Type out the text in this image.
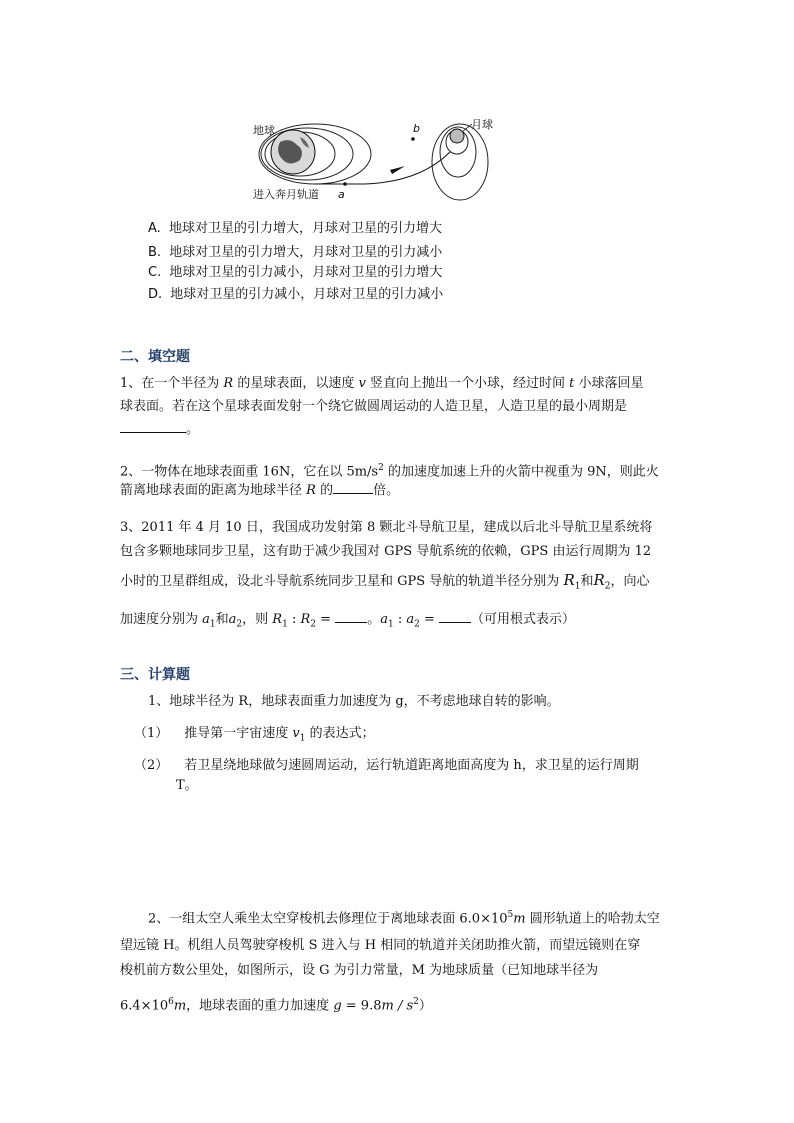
地球	月球
进入奔月轨道 a
b
A. 地球对卫星的引力增大，月球对卫星的引力增大
B. 地球对卫星的引力增大，月球对卫星的引力减小
C. 地球对卫星的引力减小，月球对卫星的引力增大
D. 地球对卫星的引力减小，月球对卫星的引力减小
二、填空题
1、在一个半径为 R 的星球表面，以速度 v 竖直向上抛出一个小球，经过时间 t 小球落回星
球表面。若在这个星球表面发射一个绕它做圆周运动的人造卫星，人造卫星的最小周期是
。
2、一物体在地球表面重 16N，它在以 $5m/s^2$ 的加速度加速上升的火箭中视重为 9N，则此火
箭离地球表面的距离为地球半径 R 的	倍。
3、2011 年 4 月 10 日，我国成功发射第 8 颗北斗导航卫星，建成以后北斗导航卫星系统将
包含多颗地球同步卫星，这有助于减少我国对 GPS 导航系统的依赖，GPS 由运行周期为 12
小时的卫星群组成，设北斗导航系统同步卫星和 GPS 导航的轨道半径分别为 $R_1$和$R_2$，向心
加速度分别为 $a_1$和$a_2$，则 $R_1$ : $R_2$ = 。$a_1$ : $a_2$ = （可用根式表示）
三、计算题
1、地球半径为 R，地球表面重力加速度为 g，不考虑地球自转的影响。
（1） 推导第一宇宙速度 $v_1$ 的表达式；
（2） 若卫星绕地球做匀速圆周运动，运行轨道距离地面高度为 h，求卫星的运行周期
T。
2、一组太空人乘坐太空穿梭机去修理位于离地球表面 $6.0\times 10^5m$ 圆形轨道上的哈勃太空
望远镜 H。机组人员驾驶穿梭机 S 进入与 H 相同的轨道并关闭助推火箭，而望远镜则在穿
梭机前方数公里处，如图所示，设 G 为引力常量，M 为地球质量（已知地球半径为
$6.4\times 10^6m$，地球表面的重力加速度 $g = 9.8m / s^2$）
